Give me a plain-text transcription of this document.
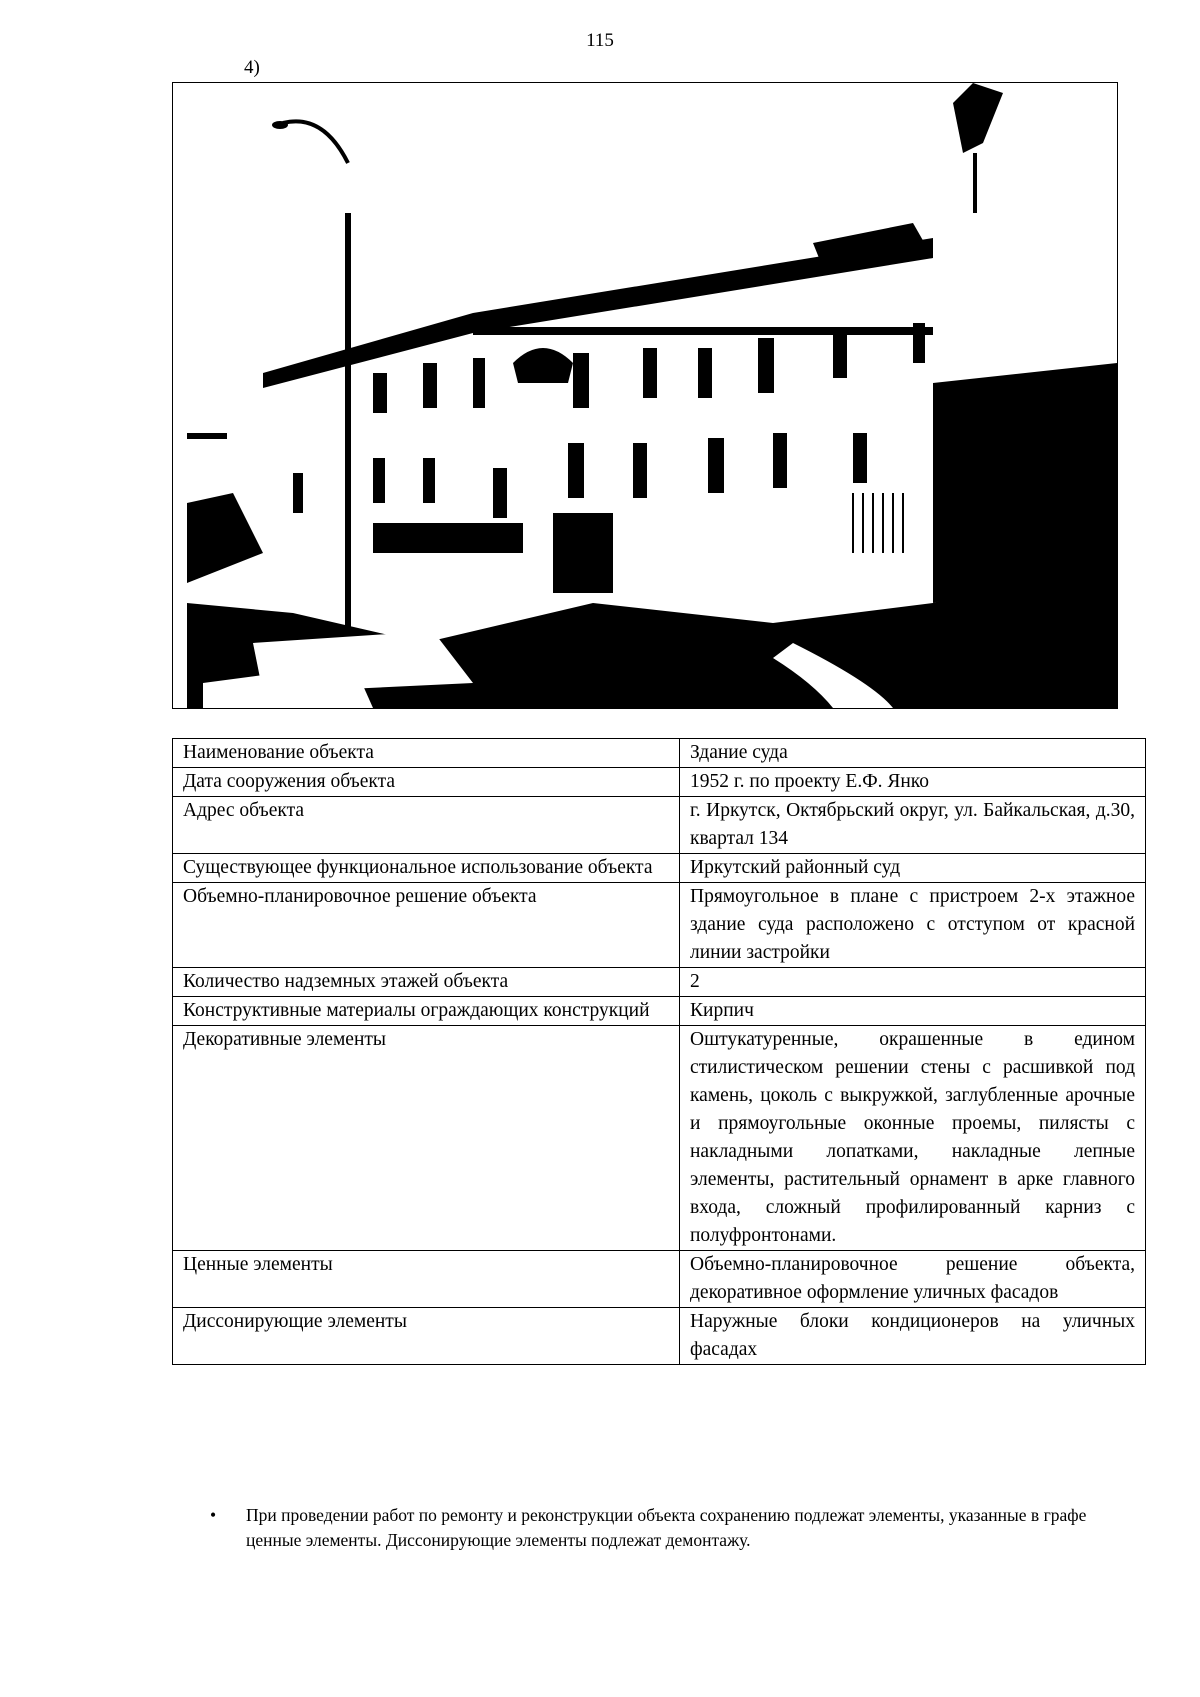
115
4)
Наименование объекта	Здание суда
Дата сооружения объекта	1952 г. по проекту Е.Ф. Янко
Адрес объекта	г. Иркутск, Октябрьский округ, ул. Байкальская, д.30, квартал 134
Существующее функциональное использование объекта	Иркутский районный суд
Объемно-планировочное решение объекта	Прямоугольное в плане с пристроем 2-х этажное здание суда расположено с отступом от красной линии застройки
Количество надземных этажей объекта	2
Конструктивные материалы ограждающих конструкций	Кирпич
Декоративные элементы	Оштукатуренные, окрашенные в едином стилистическом решении стены с расшивкой под камень, цоколь с выкружкой, заглубленные арочные и прямоугольные оконные проемы, пилясты с накладными лопатками, накладные лепные элементы, растительный орнамент в арке главного входа, сложный профилированный карниз с полуфронтонами.
Ценные элементы	Объемно-планировочное решение объекта, декоративное оформление уличных фасадов
Диссонирующие элементы	Наружные блоки кондиционеров на уличных фасадах
• При проведении работ по ремонту и реконструкции объекта сохранению подлежат элементы, указанные в графе ценные элементы. Диссонирующие элементы подлежат демонтажу.
